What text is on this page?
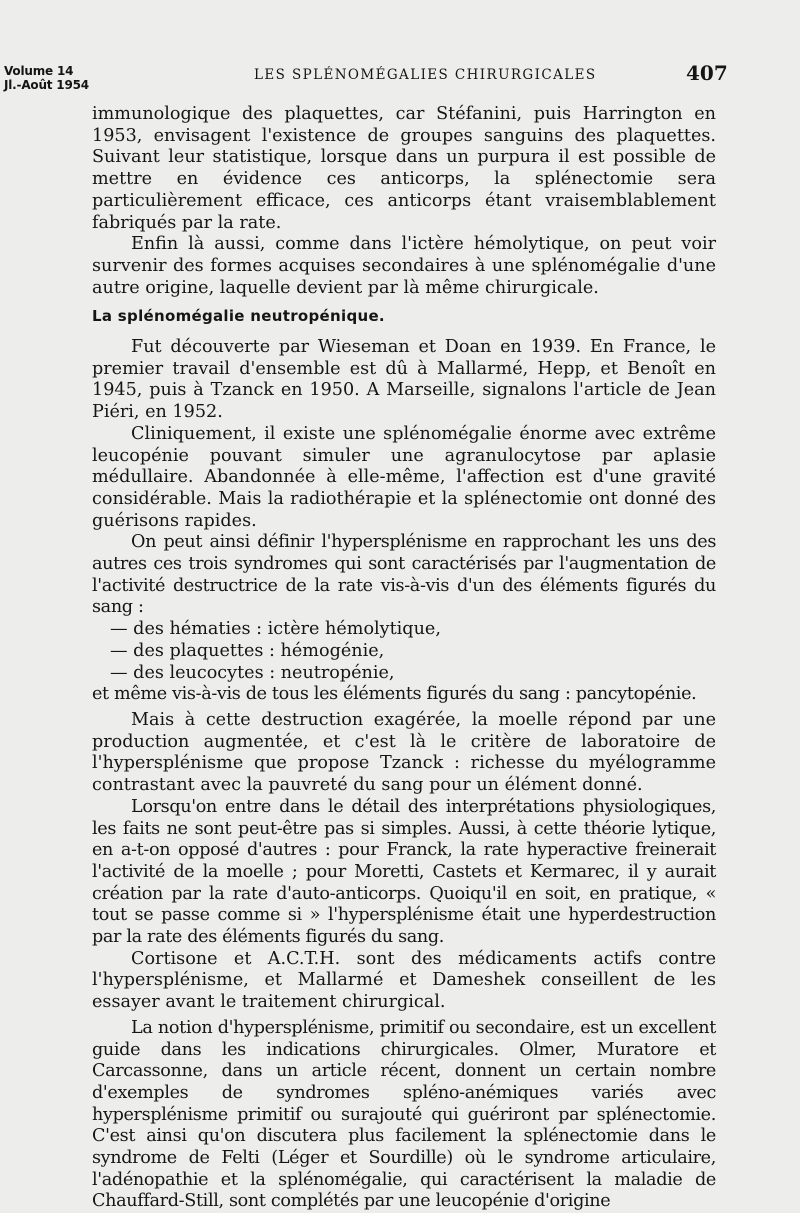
Volume 14
Jl.-Août 1954
LES SPLÉNOMÉGALIES CHIRURGICALES	407

immunologique des plaquettes, car Stéfanini, puis Harrington en 1953, envisagent l'existence de groupes sanguins des plaquettes. Suivant leur statistique, lorsque dans un purpura il est possible de mettre en évidence ces anticorps, la splénectomie sera particulièrement efficace, ces anticorps étant vraisemblablement fabriqués par la rate.

Enfin là aussi, comme dans l'ictère hémolytique, on peut voir survenir des formes acquises secondaires à une splénomégalie d'une autre origine, laquelle devient par là même chirurgicale.

La splénomégalie neutropénique.

Fut découverte par Wieseman et Doan en 1939. En France, le premier travail d'ensemble est dû à Mallarmé, Hepp, et Benoît en 1945, puis à Tzanck en 1950. A Marseille, signalons l'article de Jean Piéri, en 1952.

Cliniquement, il existe une splénomégalie énorme avec extrême leucopénie pouvant simuler une agranulocytose par aplasie médullaire. Abandonnée à elle-même, l'affection est d'une gravité considérable. Mais la radiothérapie et la splénectomie ont donné des guérisons rapides.

On peut ainsi définir l'hypersplénisme en rapprochant les uns des autres ces trois syndromes qui sont caractérisés par l'augmentation de l'activité destructrice de la rate vis-à-vis d'un des éléments figurés du sang :

— des hématies : ictère hémolytique,

— des plaquettes : hémogénie,

— des leucocytes : neutropénie,

et même vis-à-vis de tous les éléments figurés du sang : pancytopénie.

Mais à cette destruction exagérée, la moelle répond par une production augmentée, et c'est là le critère de laboratoire de l'hypersplénisme que propose Tzanck : richesse du myélogramme contrastant avec la pauvreté du sang pour un élément donné.

Lorsqu'on entre dans le détail des interprétations physiologiques, les faits ne sont peut-être pas si simples. Aussi, à cette théorie lytique, en a-t-on opposé d'autres : pour Franck, la rate hyperactive freinerait l'activité de la moelle ; pour Moretti, Castets et Kermarec, il y aurait création par la rate d'auto-anticorps. Quoiqu'il en soit, en pratique, « tout se passe comme si » l'hypersplénisme était une hyperdestruction par la rate des éléments figurés du sang.

Cortisone et A.C.T.H. sont des médicaments actifs contre l'hypersplénisme, et Mallarmé et Dameshek conseillent de les essayer avant le traitement chirurgical.

La notion d'hypersplénisme, primitif ou secondaire, est un excellent guide dans les indications chirurgicales. Olmer, Muratore et Carcassonne, dans un article récent, donnent un certain nombre d'exemples de syndromes spléno-anémiques variés avec hypersplénisme primitif ou surajouté qui guériront par splénectomie. C'est ainsi qu'on discutera plus facilement la splénectomie dans le syndrome de Felti (Léger et Sourdille) où le syndrome articulaire, l'adénopathie et la splénomégalie, qui caractérisent la maladie de Chauffard-Still, sont complétés par une leucopénie d'origine
